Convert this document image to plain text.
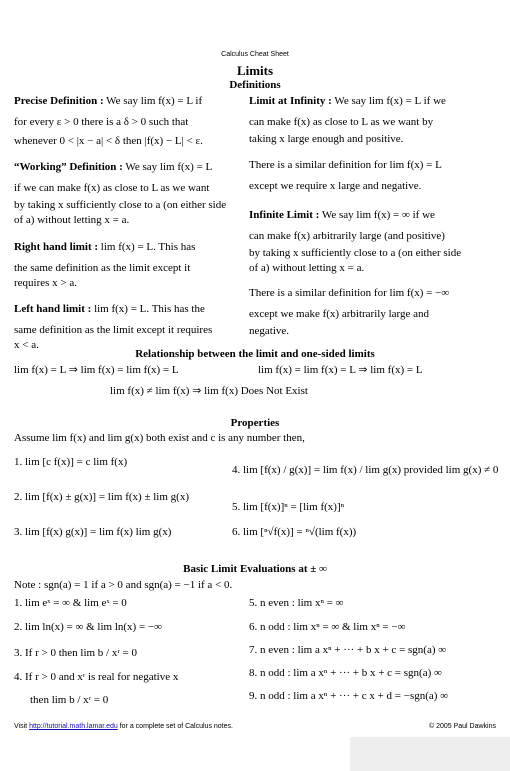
Calculus Cheat Sheet
Limits
Definitions
Precise Definition : We say lim f(x) = L if
for every ε > 0 there is a δ > 0 such that
whenever 0 < |x − a| < δ then |f(x) − L| < ε.
“Working” Definition : We say lim f(x) = L
if we can make f(x) as close to L as we want
by taking x sufficiently close to a (on either side
of a) without letting x = a.
Right hand limit : lim f(x) = L. This has
the same definition as the limit except it
requires x > a.
Left hand limit : lim f(x) = L. This has the
same definition as the limit except it requires
x < a.
Limit at Infinity : We say lim f(x) = L if we
can make f(x) as close to L as we want by
taking x large enough and positive.
There is a similar definition for lim f(x) = L
except we require x large and negative.
Infinite Limit : We say lim f(x) = ∞ if we
can make f(x) arbitrarily large (and positive)
by taking x sufficiently close to a (on either side
of a) without letting x = a.
There is a similar definition for lim f(x) = −∞
except we make f(x) arbitrarily large and
negative.
Relationship between the limit and one-sided limits
lim f(x) = L ⇒ lim f(x) = lim f(x) = L	lim f(x) = lim f(x) = L ⇒ lim f(x) = L
lim f(x) ≠ lim f(x) ⇒ lim f(x) Does Not Exist
Properties
Assume lim f(x) and lim g(x) both exist and c is any number then,
1. lim [c f(x)] = c lim f(x)
2. lim [f(x) ± g(x)] = lim f(x) ± lim g(x)
3. lim [f(x) g(x)] = lim f(x) lim g(x)
4. lim [f(x) / g(x)] = lim f(x) / lim g(x) provided lim g(x) ≠ 0
5. lim [f(x)]ⁿ = [lim f(x)]ⁿ
6. lim [ⁿ√f(x)] = ⁿ√(lim f(x))
Basic Limit Evaluations at ± ∞
Note : sgn(a) = 1 if a > 0 and sgn(a) = −1 if a < 0.
1. lim eˣ = ∞ & lim eˣ = 0
2. lim ln(x) = ∞ & lim ln(x) = −∞
3. If r > 0 then lim b / xʳ = 0
4. If r > 0 and xʳ is real for negative x
then lim b / xʳ = 0
5. n even : lim xⁿ = ∞
6. n odd : lim xⁿ = ∞ & lim xⁿ = −∞
7. n even : lim a xⁿ + ··· + b x + c = sgn(a) ∞
8. n odd : lim a xⁿ + ··· + b x + c = sgn(a) ∞
9. n odd : lim a xⁿ + ··· + c x + d = −sgn(a) ∞
Visit http://tutorial.math.lamar.edu for a complete set of Calculus notes.	© 2005 Paul Dawkins
